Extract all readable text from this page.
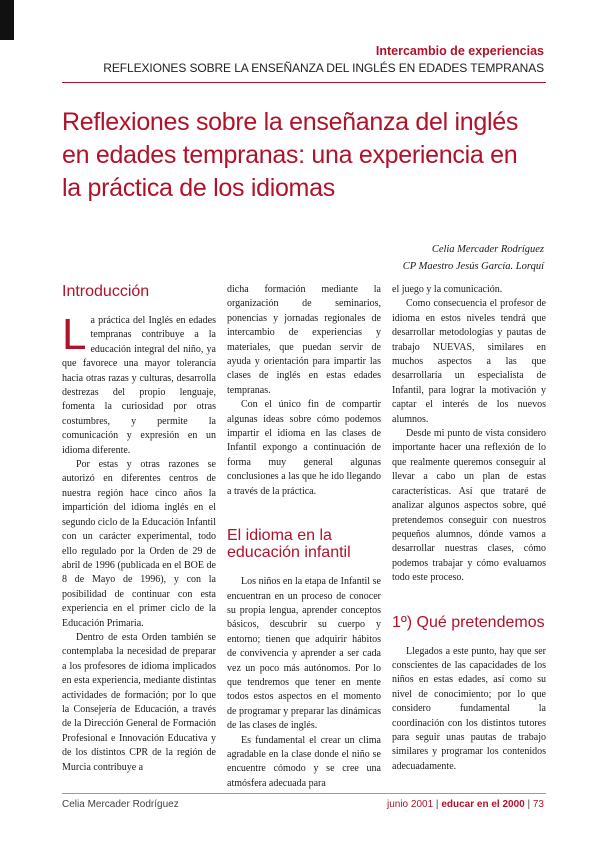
Intercambio de experiencias
REFLEXIONES SOBRE LA ENSEÑANZA DEL INGLÉS EN EDADES TEMPRANAS
Reflexiones sobre la enseñanza del inglés en edades tempranas: una experiencia en la práctica de los idiomas
Celia Mercader Rodríguez
CP Maestro Jesús García. Lorquí
Introducción

La práctica del Inglés en edades tempranas contribuye a la educación integral del niño, ya que favorece una mayor tolerancia hacia otras razas y culturas, desarrolla destrezas del propio lenguaje, fomenta la curiosidad por otras costumbres, y permite la comunicación y expresión en un idioma diferente.

Por estas y otras razones se autorizó en diferentes centros de nuestra región hace cinco años la impartición del idioma inglés en el segundo ciclo de la Educación Infantil con un carácter experimental, todo ello regulado por la Orden de 29 de abril de 1996 (publicada en el BOE de 8 de Mayo de 1996), y con la posibilidad de continuar con esta experiencia en el primer ciclo de la Educación Primaria.

Dentro de esta Orden también se contemplaba la necesidad de preparar a los profesores de idioma implicados en esta experiencia, mediante distintas actividades de formación; por lo que la Consejería de Educación, a través de la Dirección General de Formación Profesional e Innovación Educativa y de los distintos CPR de la región de Murcia contribuye a

dicha formación mediante la organización de seminarios, ponencias y jornadas regionales de intercambio de experiencias y materiales, que puedan servir de ayuda y orientación para impartir las clases de inglés en estas edades tempranas.

Con el único fin de compartir algunas ideas sobre cómo podemos impartir el idioma en las clases de Infantil expongo a continuación de forma muy general algunas conclusiones a las que he ido llegando a través de la práctica.

El idioma en la educación infantil

Los niños en la etapa de Infantil se encuentran en un proceso de conocer su propia lengua, aprender conceptos básicos, descubrir su cuerpo y entorno; tienen que adquirir hábitos de convivencia y aprender a ser cada vez un poco más autónomos. Por lo que tendremos que tener en mente todos estos aspectos en el momento de programar y preparar las dinámicas de las clases de inglés.

Es fundamental el crear un clima agradable en la clase donde el niño se encuentre cómodo y se cree una atmósfera adecuada para

el juego y la comunicación.

Como consecuencia el profesor de idioma en estos niveles tendrá que desarrollar metodologías y pautas de trabajo NUEVAS, similares en muchos aspectos a las que desarrollaría un especialista de Infantil, para lograr la motivación y captar el interés de los nuevos alumnos.

Desde mi punto de vista considero importante hacer una reflexión de lo que realmente queremos conseguir al llevar a cabo un plan de estas características. Así que trataré de analizar algunos aspectos sobre, qué pretendemos conseguir con nuestros pequeños alumnos, dónde vamos a desarrollar nuestras clases, cómo podemos trabajar y cómo evaluamos todo este proceso.

1º) Qué pretendemos

Llegados a este punto, hay que ser conscientes de las capacidades de los niños en estas edades, así como su nivel de conocimiento; por lo que considero fundamental la coordinación con los distintos tutores para seguir unas pautas de trabajo similares y programar los contenidos adecuadamente.

Celia Mercader Rodríguez	junio 2001 | educar en el 2000 | 73
